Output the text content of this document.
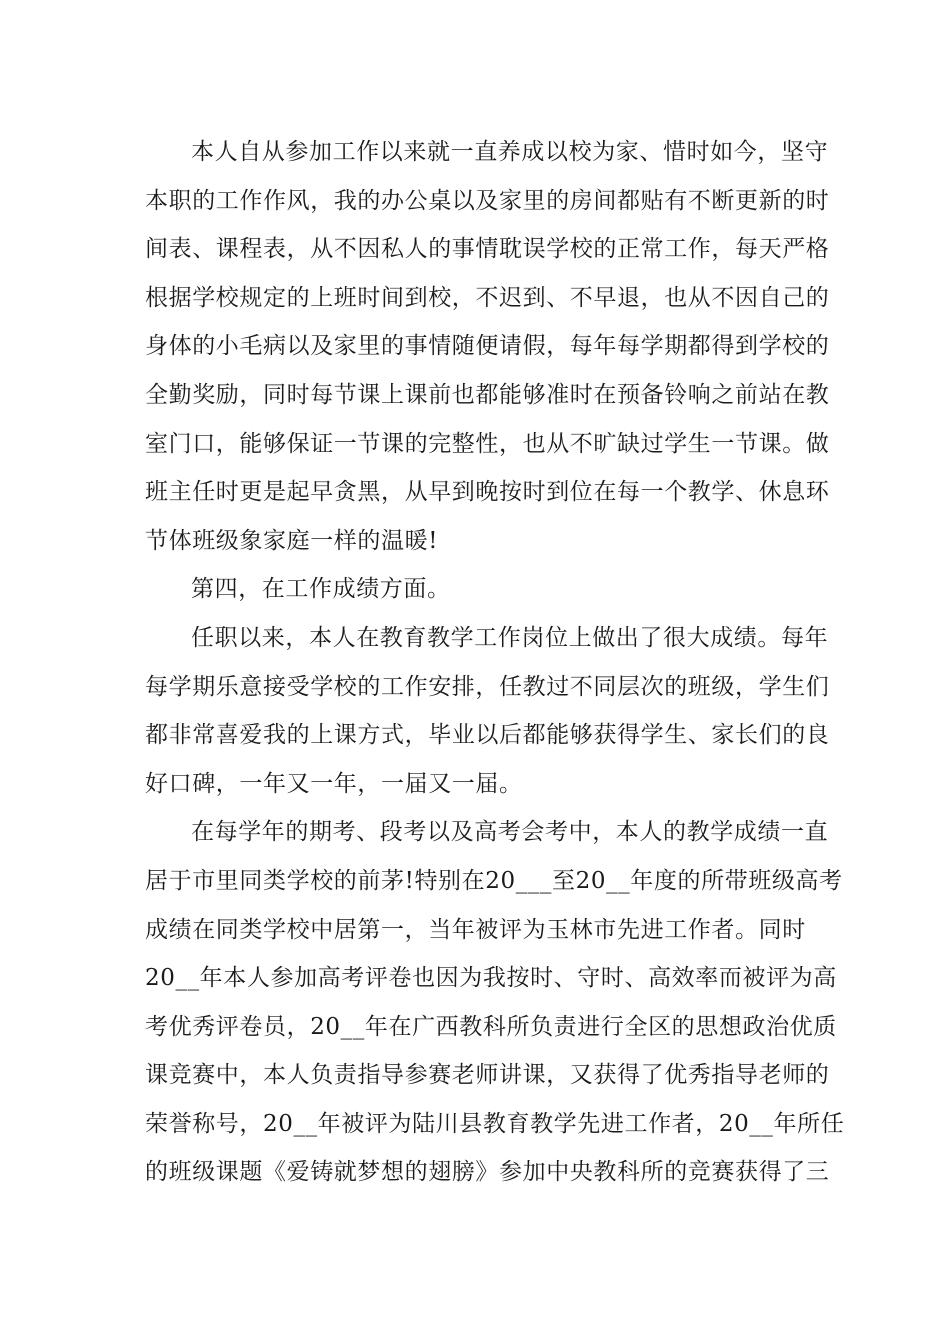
本人自从参加工作以来就一直养成以校为家、惜时如今，坚守
本职的工作作风，我的办公桌以及家里的房间都贴有不断更新的时
间表、课程表，从不因私人的事情耽误学校的正常工作，每天严格
根据学校规定的上班时间到校，不迟到、不早退，也从不因自己的
身体的小毛病以及家里的事情随便请假，每年每学期都得到学校的
全勤奖励，同时每节课上课前也都能够准时在预备铃响之前站在教
室门口，能够保证一节课的完整性，也从不旷缺过学生一节课。做
班主任时更是起早贪黑，从早到晚按时到位在每一个教学、休息环
节体班级象家庭一样的温暖!
第四，在工作成绩方面。
任职以来，本人在教育教学工作岗位上做出了很大成绩。每年
每学期乐意接受学校的工作安排，任教过不同层次的班级，学生们
都非常喜爱我的上课方式，毕业以后都能够获得学生、家长们的良
好口碑，一年又一年，一届又一届。
在每学年的期考、段考以及高考会考中，本人的教学成绩一直
居于市里同类学校的前茅!特别在20___至20__年度的所带班级高考
成绩在同类学校中居第一，当年被评为玉林市先进工作者。同时
20__年本人参加高考评卷也因为我按时、守时、高效率而被评为高
考优秀评卷员，20__年在广西教科所负责进行全区的思想政治优质
课竞赛中，本人负责指导参赛老师讲课，又获得了优秀指导老师的
荣誉称号，20__年被评为陆川县教育教学先进工作者，20__年所任
的班级课题《爱铸就梦想的翅膀》参加中央教科所的竞赛获得了三
